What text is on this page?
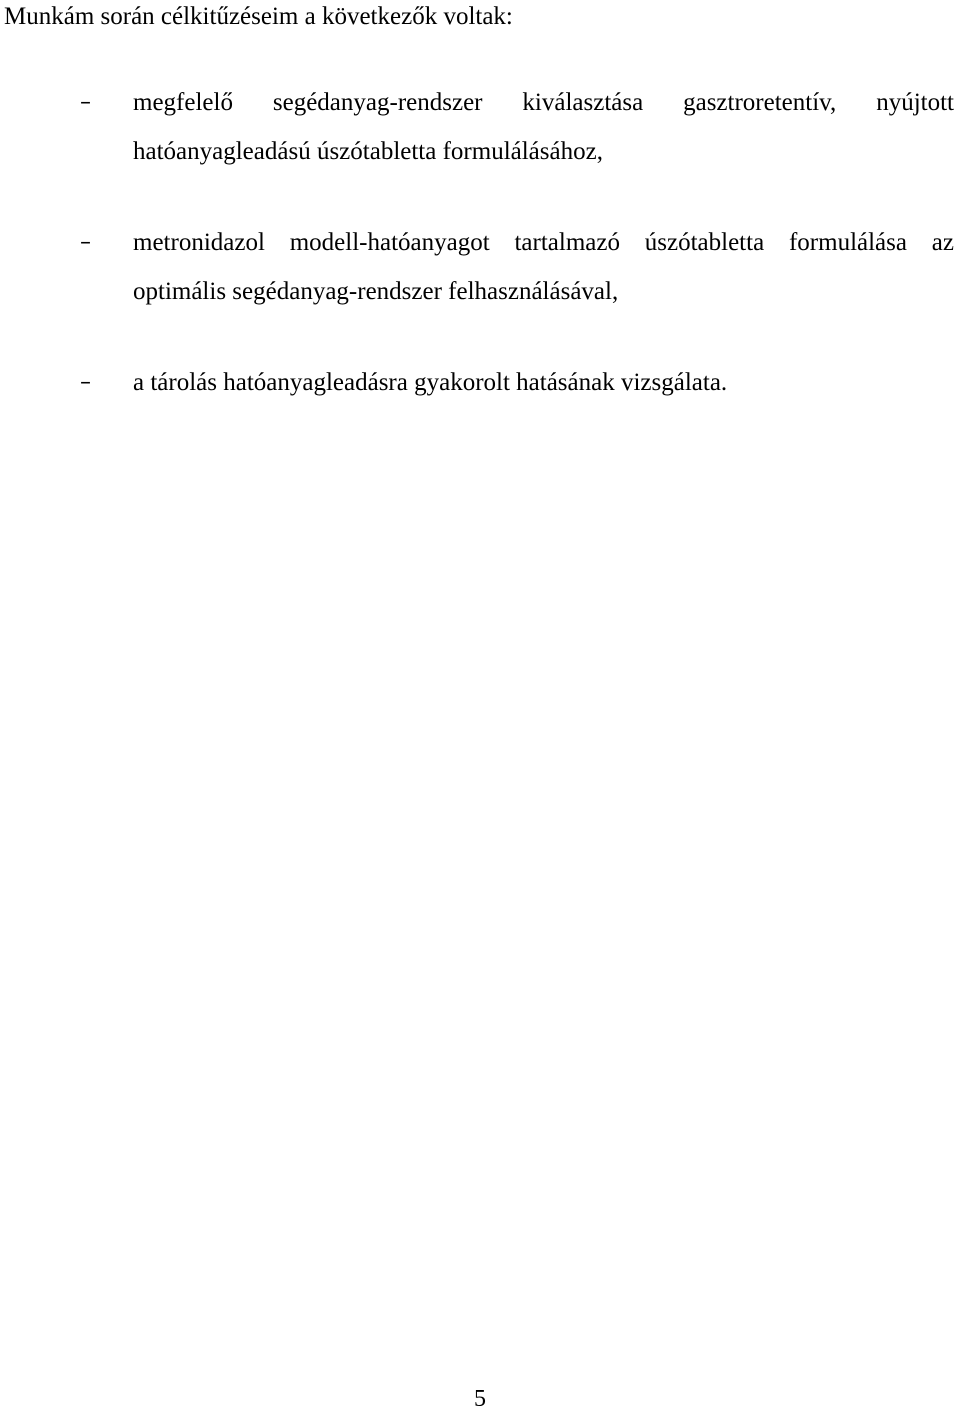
Munkám során célkitűzéseim a következők voltak:

– megfelelő segédanyag-rendszer kiválasztása gasztroretentív, nyújtott hatóanyagleadású úszótabletta formulálásához,
– metronidazol modell-hatóanyagot tartalmazó úszótabletta formulálása az optimális segédanyag-rendszer felhasználásával,
– a tárolás hatóanyagleadásra gyakorolt hatásának vizsgálata.
5
